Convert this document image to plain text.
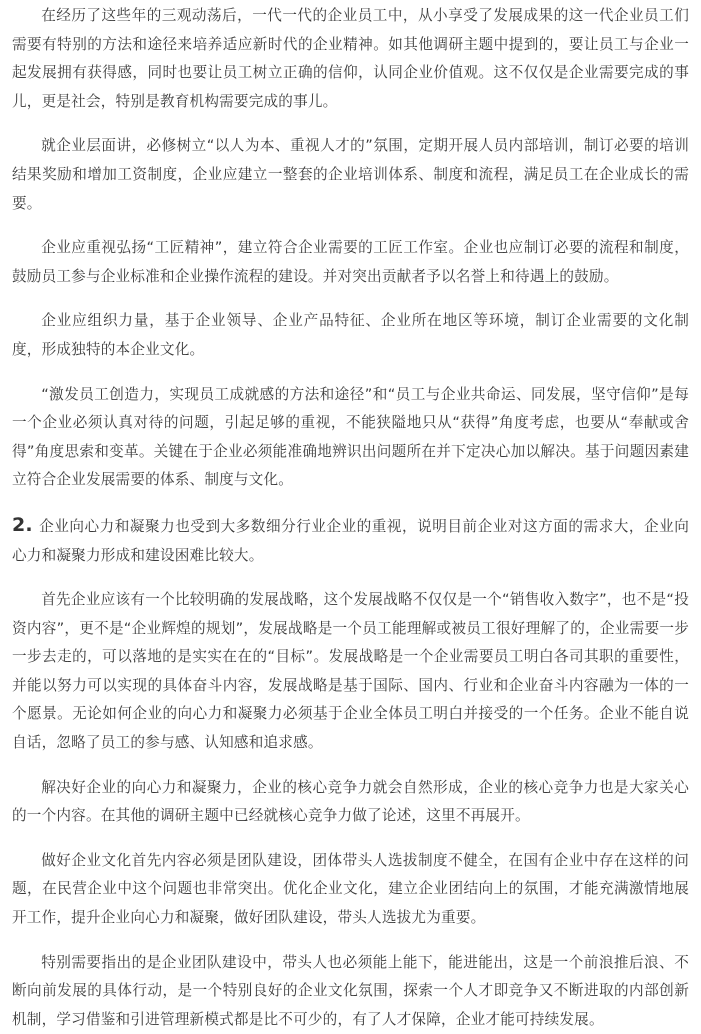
在经历了这些年的三观动荡后，一代一代的企业员工中，从小享受了发展成果的这一代企业员工们需要有特别的方法和途径来培养适应新时代的企业精神。如其他调研主题中提到的，要让员工与企业一起发展拥有获得感，同时也要让员工树立正确的信仰，认同企业价值观。这不仅仅是企业需要完成的事儿，更是社会，特别是教育机构需要完成的事儿。

就企业层面讲，必修树立“以人为本、重视人才的”氛围，定期开展人员内部培训，制订必要的培训结果奖励和增加工资制度，企业应建立一整套的企业培训体系、制度和流程，满足员工在企业成长的需要。

企业应重视弘扬“工匠精神”，建立符合企业需要的工匠工作室。企业也应制订必要的流程和制度，鼓励员工参与企业标准和企业操作流程的建设。并对突出贡献者予以名誉上和待遇上的鼓励。

企业应组织力量，基于企业领导、企业产品特征、企业所在地区等环境，制订企业需要的文化制度，形成独特的本企业文化。

“激发员工创造力，实现员工成就感的方法和途径”和“员工与企业共命运、同发展，坚守信仰”是每一个企业必须认真对待的问题，引起足够的重视，不能狭隘地只从“获得”角度考虑，也要从“奉献或舍得”角度思索和变革。关键在于企业必须能准确地辨识出问题所在并下定决心加以解决。基于问题因素建立符合企业发展需要的体系、制度与文化。

2. 企业向心力和凝聚力也受到大多数细分行业企业的重视，说明目前企业对这方面的需求大，企业向心力和凝聚力形成和建设困难比较大。

首先企业应该有一个比较明确的发展战略，这个发展战略不仅仅是一个“销售收入数字”，也不是“投资内容”，更不是“企业辉煌的规划”，发展战略是一个员工能理解或被员工很好理解了的，企业需要一步一步去走的，可以落地的是实实在在的“目标”。发展战略是一个企业需要员工明白各司其职的重要性，并能以努力可以实现的具体奋斗内容，发展战略是基于国际、国内、行业和企业奋斗内容融为一体的一个愿景。无论如何企业的向心力和凝聚力必须基于企业全体员工明白并接受的一个任务。企业不能自说自话，忽略了员工的参与感、认知感和追求感。

解决好企业的向心力和凝聚力，企业的核心竞争力就会自然形成，企业的核心竞争力也是大家关心的一个内容。在其他的调研主题中已经就核心竞争力做了论述，这里不再展开。

做好企业文化首先内容必须是团队建设，团体带头人选拔制度不健全，在国有企业中存在这样的问题，在民营企业中这个问题也非常突出。优化企业文化，建立企业团结向上的氛围，才能充满激情地展开工作，提升企业向心力和凝聚，做好团队建设，带头人选拔尤为重要。

特别需要指出的是企业团队建设中，带头人也必须能上能下，能进能出，这是一个前浪推后浪、不断向前发展的具体行动，是一个特别良好的企业文化氛围，探索一个人才即竞争又不断进取的内部创新机制，学习借鉴和引进管理新模式都是比不可少的，有了人才保障，企业才能可持续发展。
